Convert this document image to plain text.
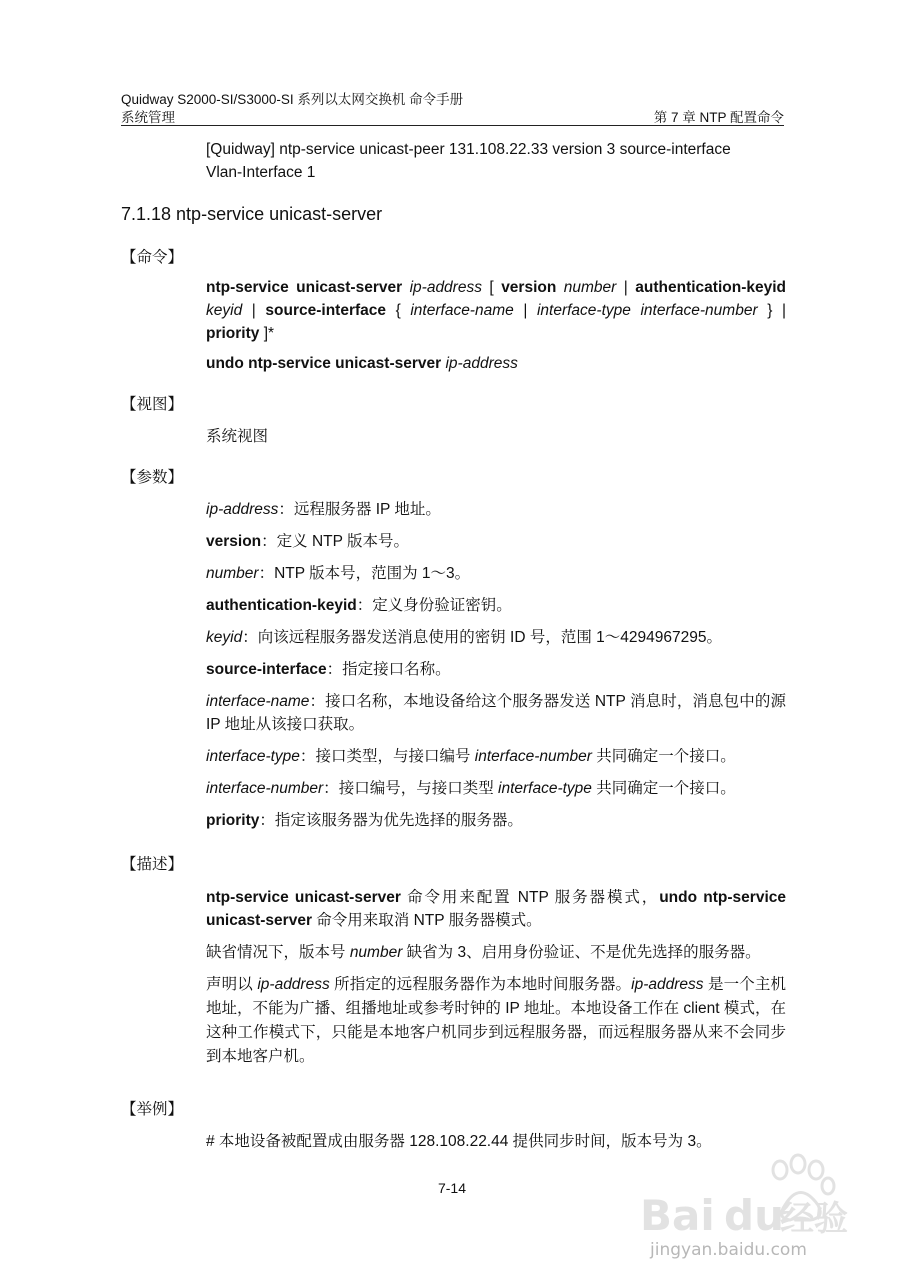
Quidway S2000-SI/S3000-SI 系列以太网交换机 命令手册
系统管理	第 7 章 NTP 配置命令
[Quidway] ntp-service unicast-peer 131.108.22.33 version 3 source-interface
Vlan-Interface 1
7.1.18 ntp-service unicast-server
【命令】
ntp-service unicast-server ip-address [ version number | authentication-keyid
keyid | source-interface { interface-name | interface-type interface-number } |
priority ]*
undo ntp-service unicast-server ip-address
【视图】
系统视图
【参数】
ip-address：远程服务器 IP 地址。
version：定义 NTP 版本号。
number：NTP 版本号，范围为 1～3。
authentication-keyid：定义身份验证密钥。
keyid：向该远程服务器发送消息使用的密钥 ID 号，范围 1～4294967295。
source-interface：指定接口名称。
interface-name：接口名称，本地设备给这个服务器发送 NTP 消息时，消息包中的源 IP 地址从该接口获取。
interface-type：接口类型，与接口编号 interface-number 共同确定一个接口。
interface-number：接口编号，与接口类型 interface-type 共同确定一个接口。
priority：指定该服务器为优先选择的服务器。
【描述】
ntp-service unicast-server 命令用来配置 NTP 服务器模式，undo ntp-service unicast-server 命令用来取消 NTP 服务器模式。
缺省情况下，版本号 number 缺省为 3、启用身份验证、不是优先选择的服务器。
声明以 ip-address 所指定的远程服务器作为本地时间服务器。ip-address 是一个主机地址，不能为广播、组播地址或参考时钟的 IP 地址。本地设备工作在 client 模式，在这种工作模式下，只能是本地客户机同步到远程服务器，而远程服务器从来不会同步到本地客户机。
【举例】
# 本地设备被配置成由服务器 128.108.22.44 提供同步时间，版本号为 3。
7-14
Bai du
经验
jingyan.baidu.com
